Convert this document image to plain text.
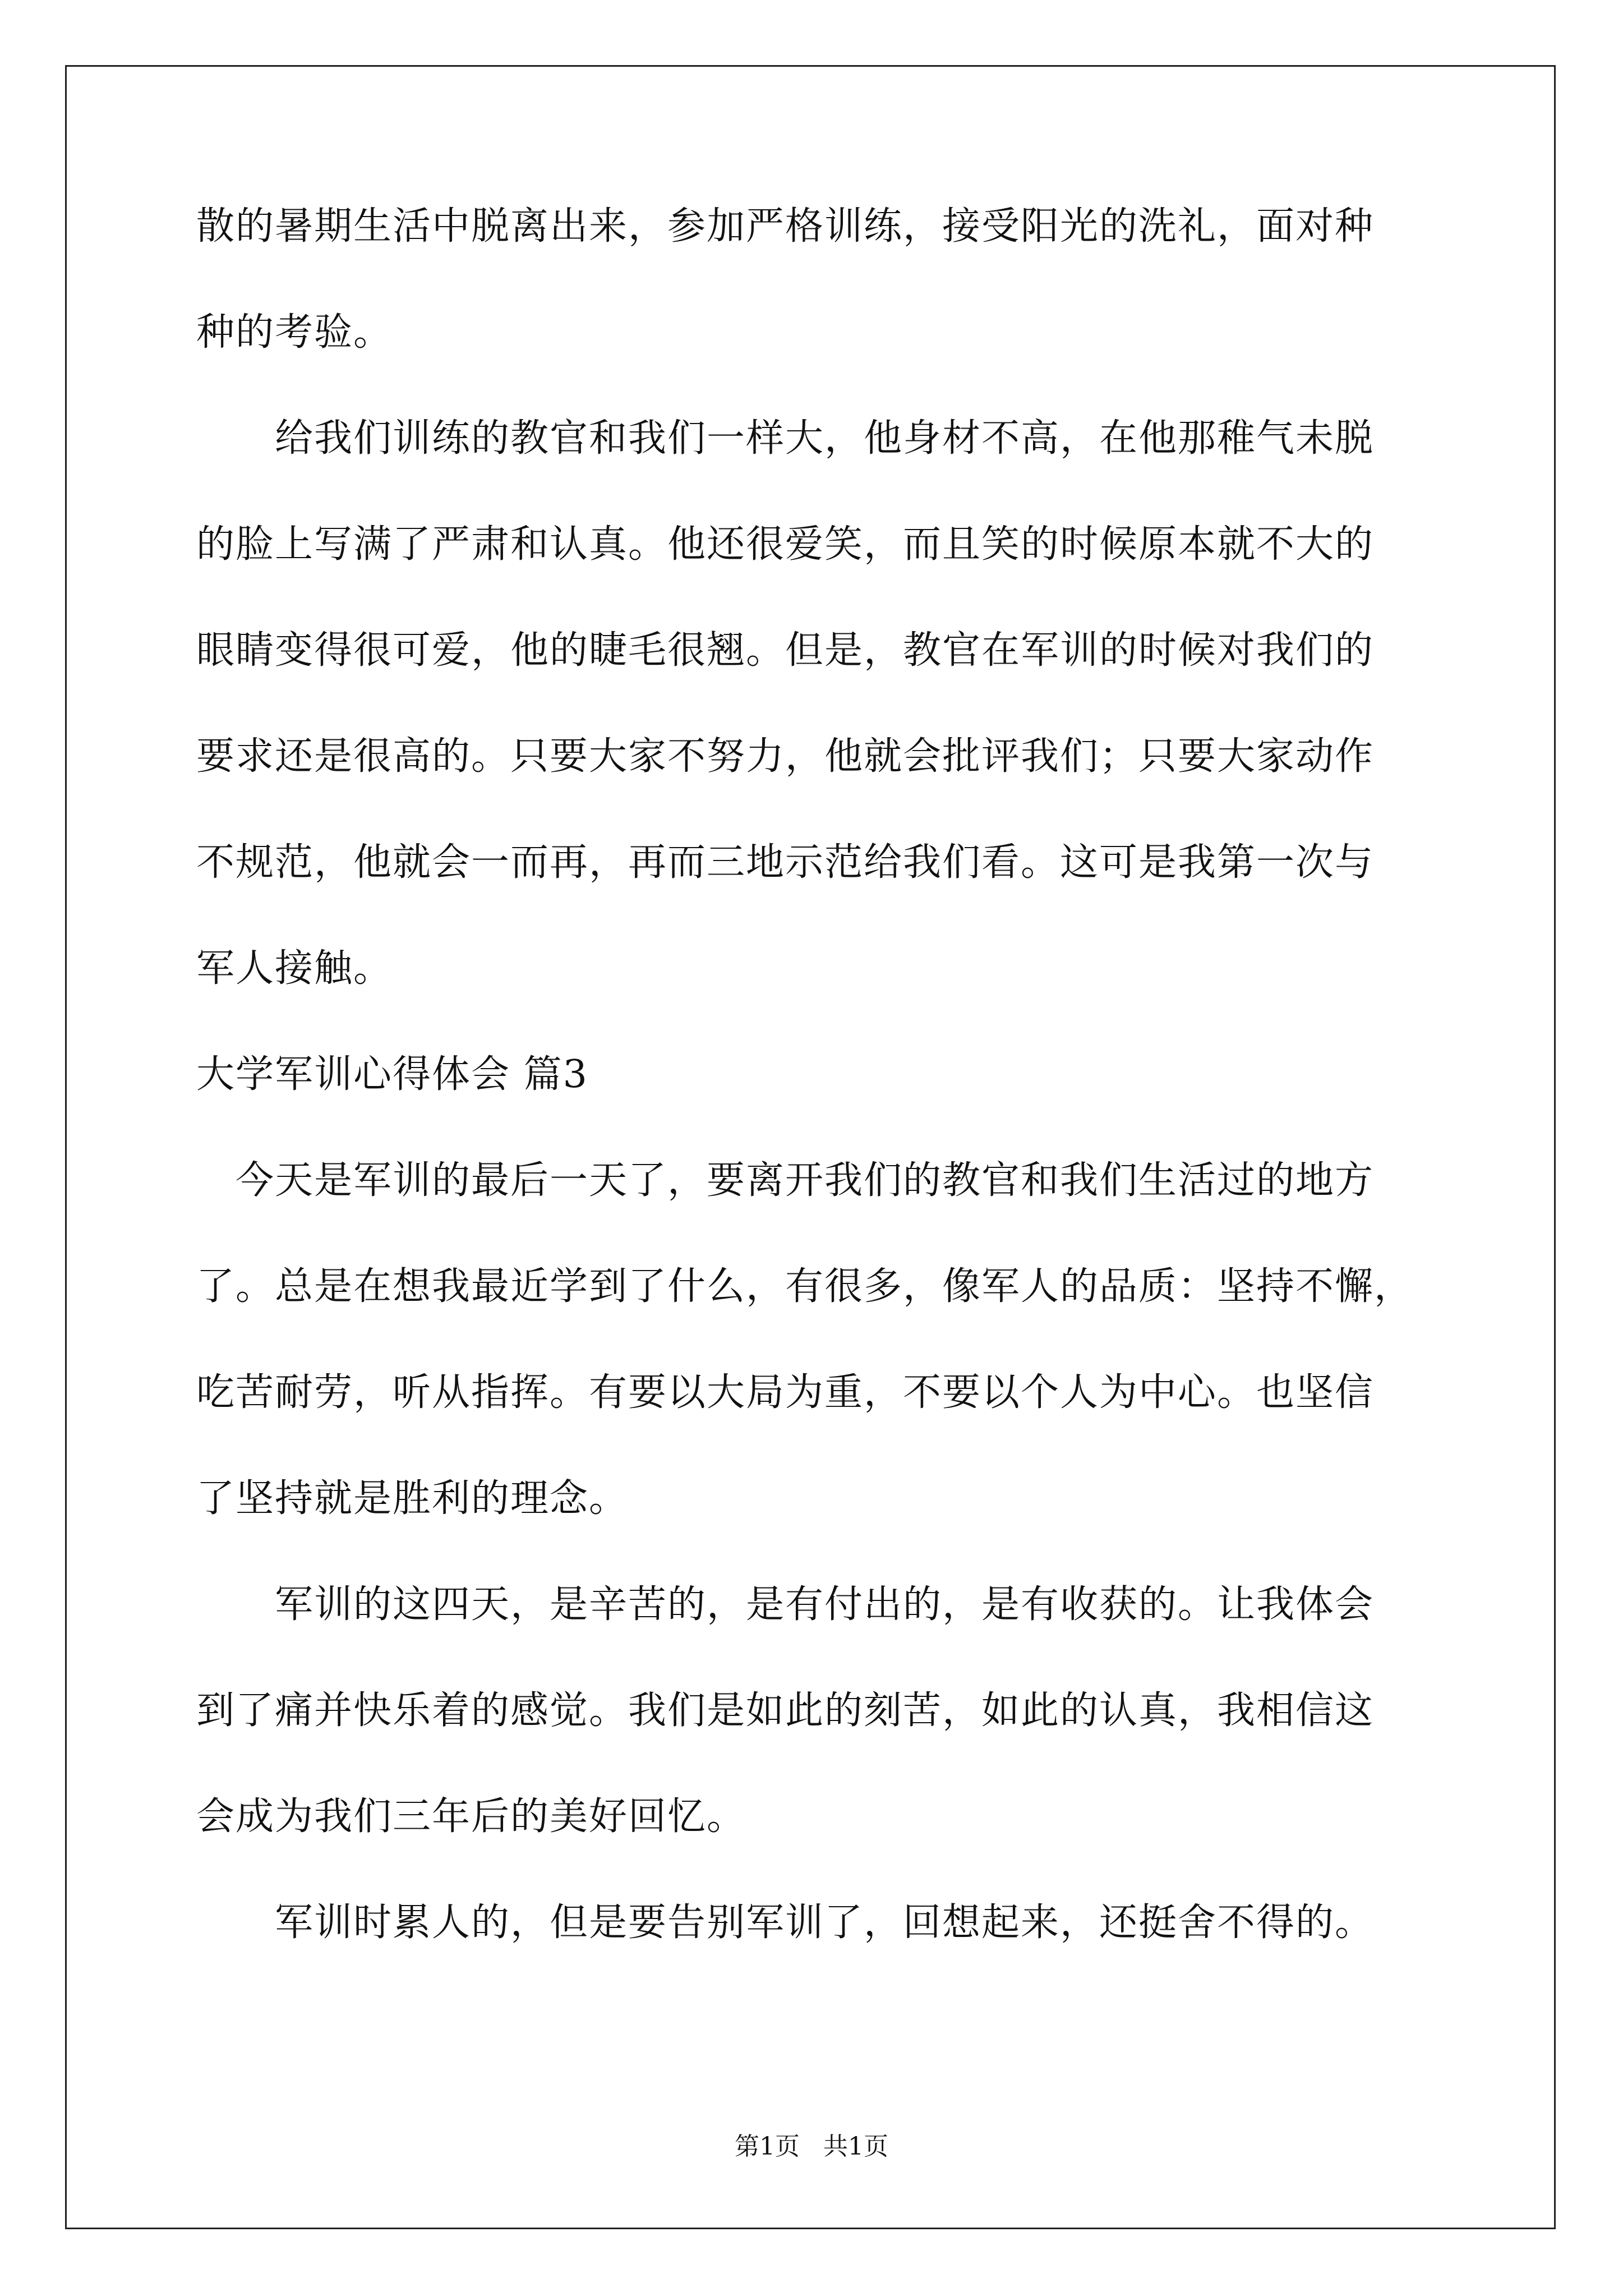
散的暑期生活中脱离出来，参加严格训练，接受阳光的洗礼，面对种
种的考验。
　　给我们训练的教官和我们一样大，他身材不高，在他那稚气未脱
的脸上写满了严肃和认真。他还很爱笑，而且笑的时候原本就不大的
眼睛变得很可爱，他的睫毛很翘。但是，教官在军训的时候对我们的
要求还是很高的。只要大家不努力，他就会批评我们；只要大家动作
不规范，他就会一而再，再而三地示范给我们看。这可是我第一次与
军人接触。
大学军训心得体会 篇3
　今天是军训的最后一天了，要离开我们的教官和我们生活过的地方
了。总是在想我最近学到了什么，有很多，像军人的品质：坚持不懈，
吃苦耐劳，听从指挥。有要以大局为重，不要以个人为中心。也坚信
了坚持就是胜利的理念。
　　军训的这四天，是辛苦的，是有付出的，是有收获的。让我体会
到了痛并快乐着的感觉。我们是如此的刻苦，如此的认真，我相信这
会成为我们三年后的美好回忆。
　　军训时累人的，但是要告别军训了，回想起来，还挺舍不得的。
第1页   共1页
